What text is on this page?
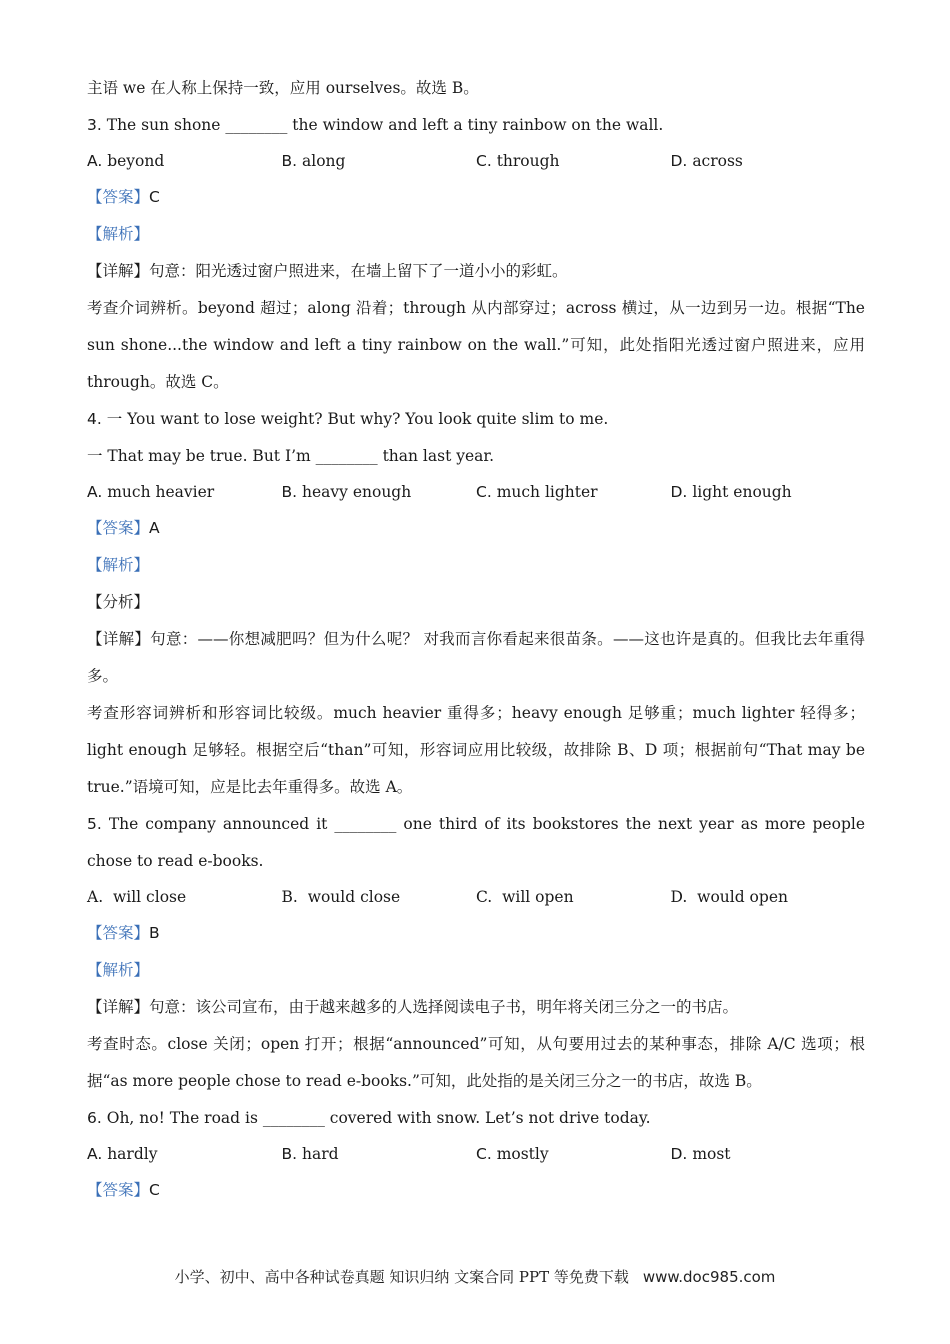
主语 we 在人称上保持一致，应用 ourselves。故选 B。

3. The sun shone ________ the window and left a tiny rainbow on the wall.

A. beyond	B. along	C. through	D. across

【答案】C

【解析】

【详解】句意：阳光透过窗户照进来，在墙上留下了一道小小的彩虹。

考查介词辨析。beyond 超过；along 沿着；through 从内部穿过；across 横过，从一边到另一边。根据“The sun shone...the window and left a tiny rainbow on the wall.”可知，此处指阳光透过窗户照进来，应用 through。故选 C。

4. 一 You want to lose weight? But why? You look quite slim to me.

一 That may be true. But I’m ________ than last year.

A. much heavier	B. heavy enough	C. much lighter	D. light enough

【答案】A

【解析】

【分析】

【详解】句意：——你想减肥吗？但为什么呢？ 对我而言你看起来很苗条。——这也许是真的。但我比去年重得多。

考查形容词辨析和形容词比较级。much heavier 重得多；heavy enough 足够重；much lighter 轻得多；light enough 足够轻。根据空后“than”可知，形容词应用比较级，故排除 B、D 项；根据前句“That may be true.”语境可知，应是比去年重得多。故选 A。

5. The company announced it ________ one third of its bookstores the next year as more people chose to read e-books.

A. will close	B. would close	C. will open	D. would open

【答案】B

【解析】

【详解】句意：该公司宣布，由于越来越多的人选择阅读电子书，明年将关闭三分之一的书店。

考查时态。close 关闭；open 打开；根据“announced”可知，从句要用过去的某种事态，排除 A/C 选项；根据“as more people chose to read e-books.”可知，此处指的是关闭三分之一的书店，故选 B。

6. Oh, no! The road is ________ covered with snow. Let’s not drive today.

A. hardly	B. hard	C. mostly	D. most

【答案】C

小学、初中、高中各种试卷真题 知识归纳 文案合同 PPT 等免费下载 www.doc985.com
